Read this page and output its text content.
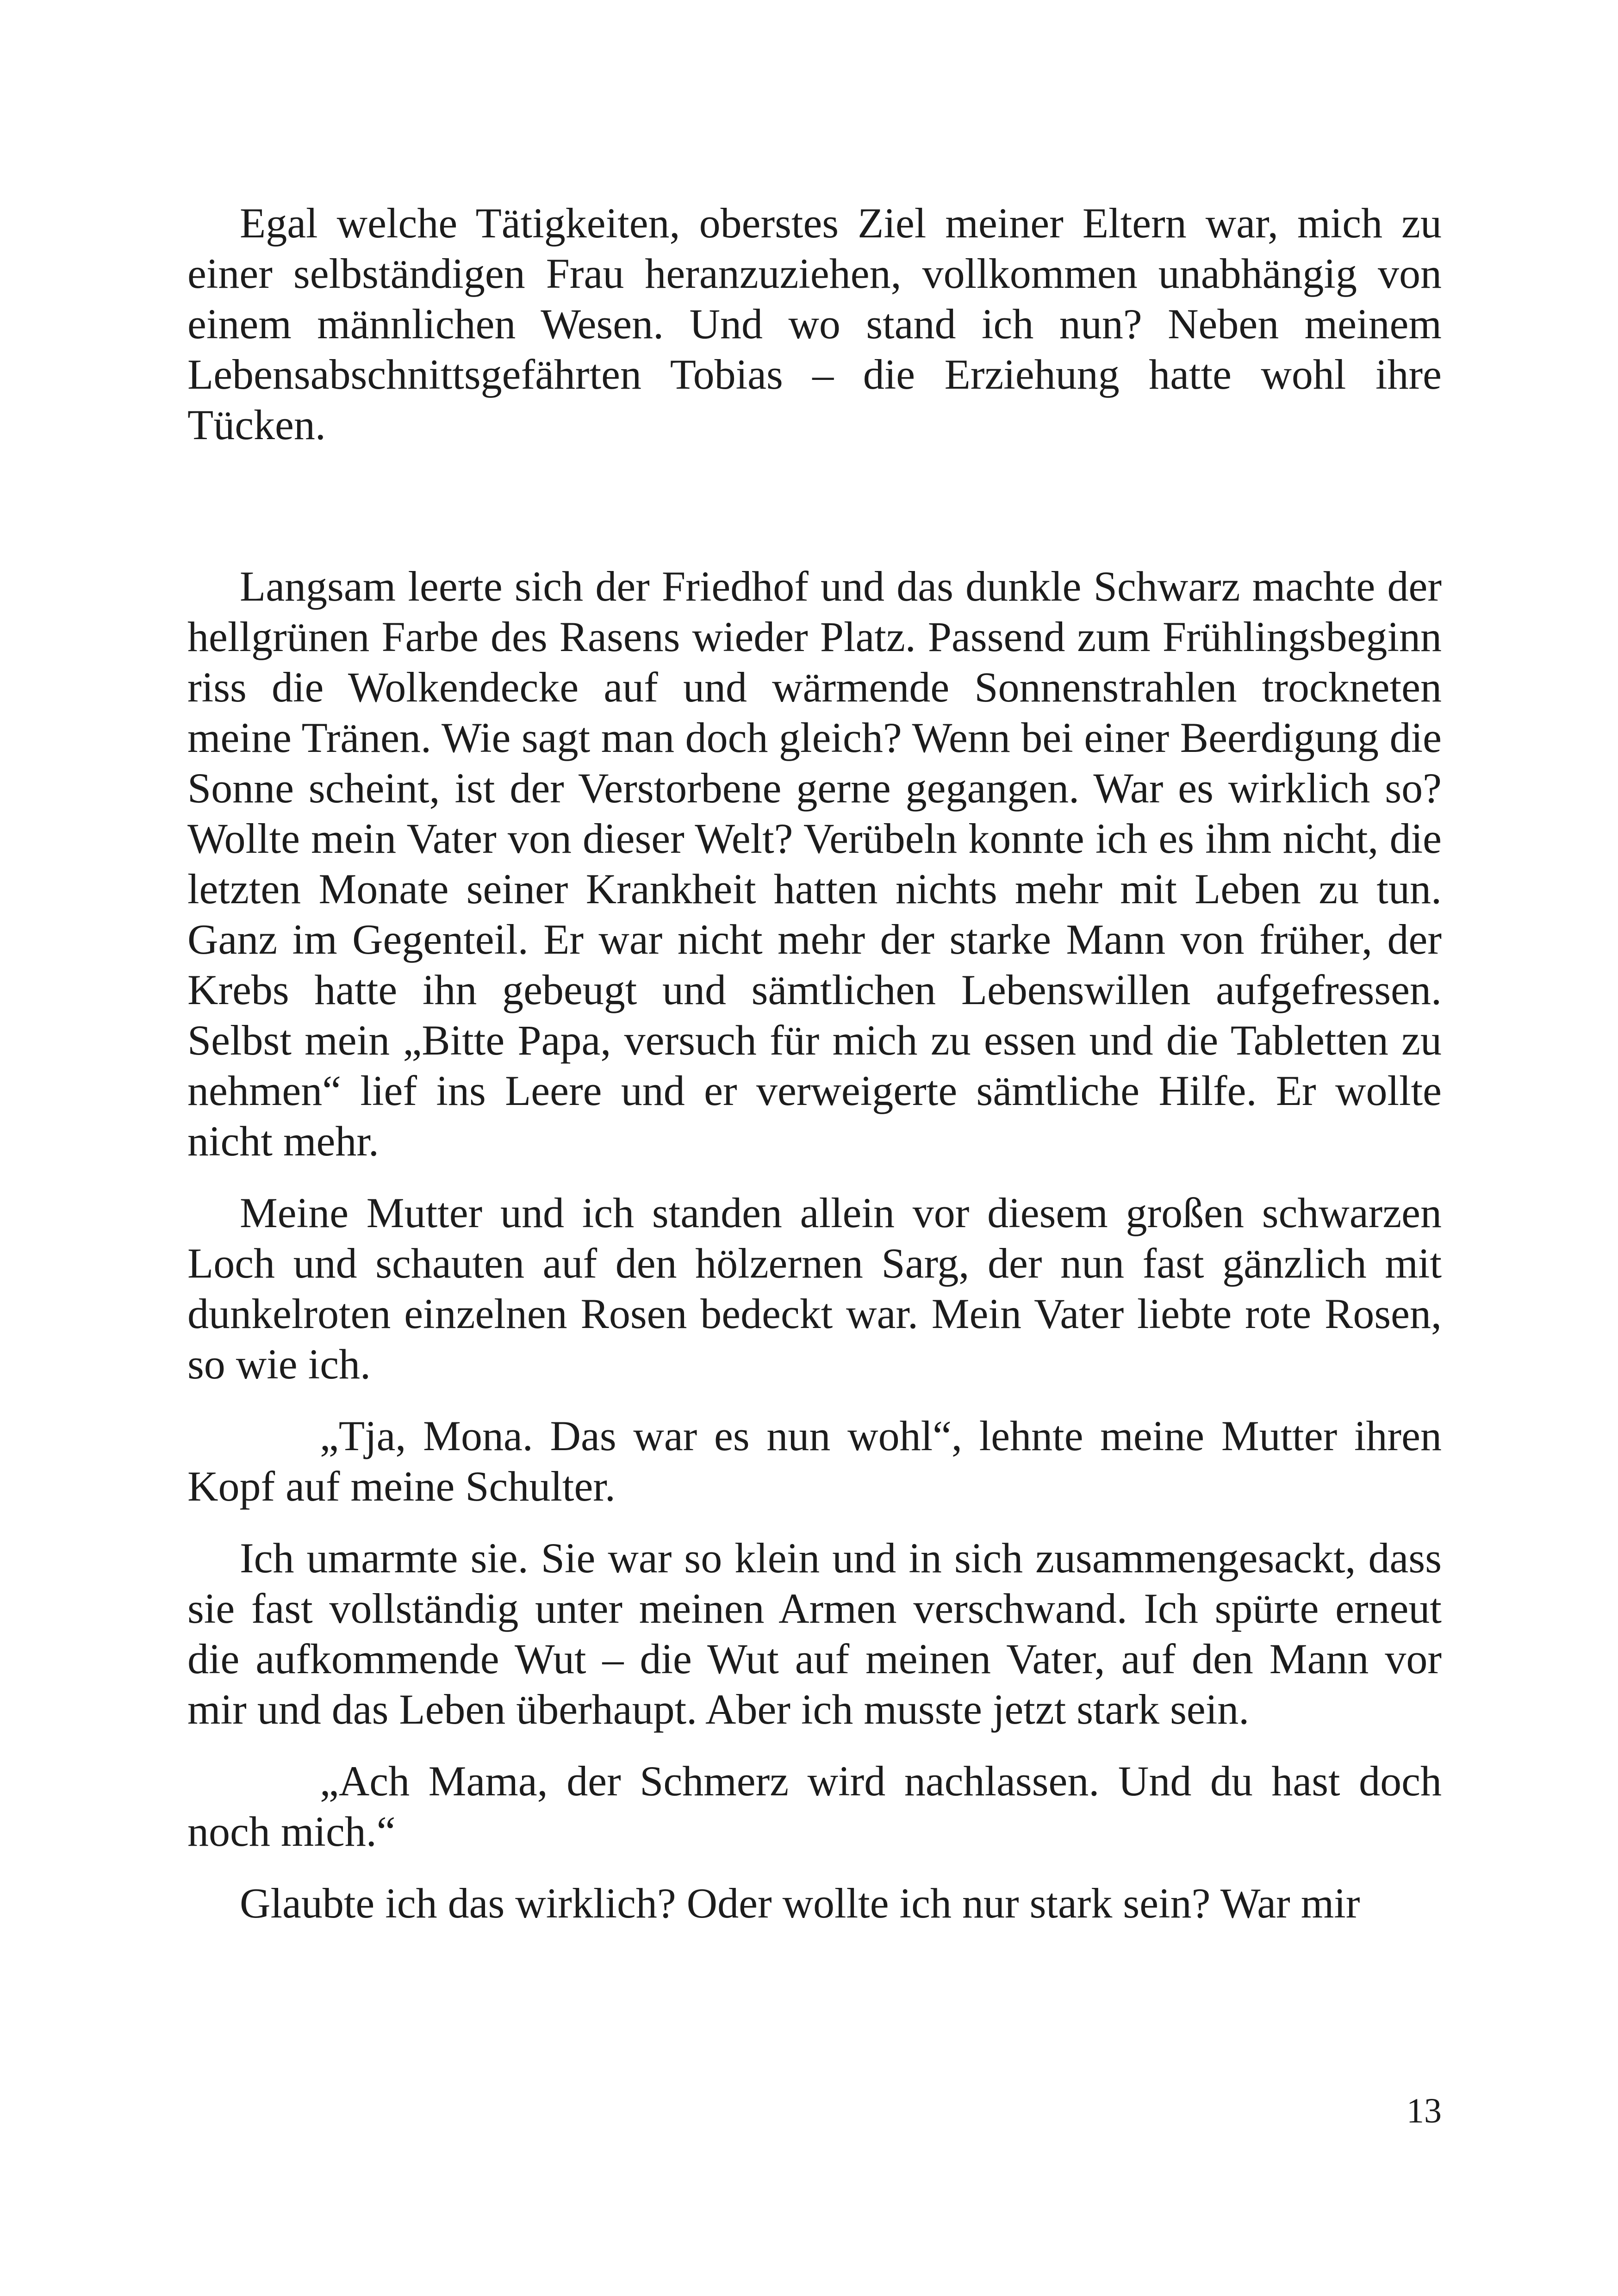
Egal welche Tätigkeiten, oberstes Ziel meiner Eltern war, mich zu einer selbständigen Frau heranzuziehen, vollkommen unabhängig von einem männlichen Wesen. Und wo stand ich nun? Neben meinem Lebensabschnittsgefährten Tobias – die Erziehung hatte wohl ihre Tücken.

Langsam leerte sich der Friedhof und das dunkle Schwarz machte der hellgrünen Farbe des Rasens wieder Platz. Passend zum Frühlingsbeginn riss die Wolkendecke auf und wärmende Sonnenstrahlen trockneten meine Tränen. Wie sagt man doch gleich? Wenn bei einer Beerdigung die Sonne scheint, ist der Verstorbene gerne gegangen. War es wirklich so? Wollte mein Vater von dieser Welt? Verübeln konnte ich es ihm nicht, die letzten Monate seiner Krankheit hatten nichts mehr mit Leben zu tun. Ganz im Gegenteil. Er war nicht mehr der starke Mann von früher, der Krebs hatte ihn gebeugt und sämtlichen Lebenswillen aufgefressen. Selbst mein „Bitte Papa, versuch für mich zu essen und die Tabletten zu nehmen“ lief ins Leere und er verweigerte sämtliche Hilfe. Er wollte nicht mehr.

Meine Mutter und ich standen allein vor diesem großen schwarzen Loch und schauten auf den hölzernen Sarg, der nun fast gänzlich mit dunkelroten einzelnen Rosen bedeckt war. Mein Vater liebte rote Rosen, so wie ich.

„Tja, Mona. Das war es nun wohl“, lehnte meine Mutter ihren Kopf auf meine Schulter.

Ich umarmte sie. Sie war so klein und in sich zusammengesackt, dass sie fast vollständig unter meinen Armen verschwand. Ich spürte erneut die aufkommende Wut – die Wut auf meinen Vater, auf den Mann vor mir und das Leben überhaupt. Aber ich musste jetzt stark sein.

„Ach Mama, der Schmerz wird nachlassen. Und du hast doch noch mich.“

Glaubte ich das wirklich? Oder wollte ich nur stark sein? War mir

13
